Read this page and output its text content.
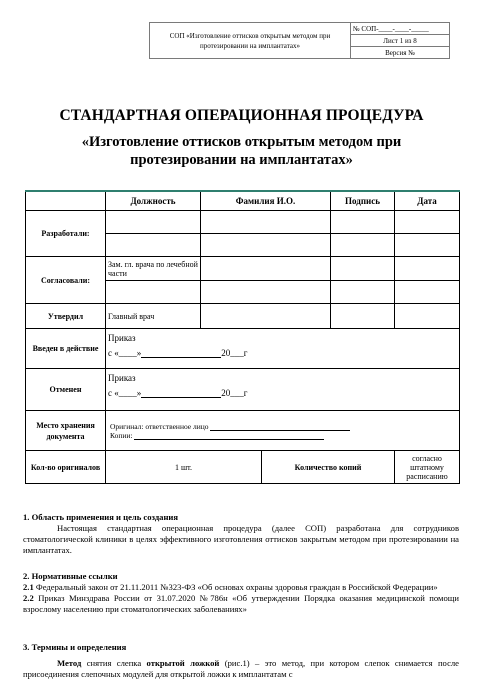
СОП «Изготовление оттисков открытым методом при протезировании на имплантатах»	№ СОП-____-____-_____
Лист 1 из 8
Версия №
СТАНДАРТНАЯ ОПЕРАЦИОННАЯ ПРОЦЕДУРА
«Изготовление оттисков открытым методом при протезировании на имплантатах»
	Должность	Фамилия И.О.		Подпись	Дата
Разработали:					

Согласовали:	Зам. гл. врача по лечебной части				

Утвердил	Главный врач				
Введен в действие	Приказ
с «____» 20___г				

Отменен	Приказ
с «____» 20___г				

Место хранения документа	Оригинал: ответственное лицо
Копии:				

Кол-во оригиналов	1 шт.		Количество копий		согласно штатному расписанию
1. Область применения и цель создания
Настоящая стандартная операционная процедура (далее СОП) разработана для сотрудников стоматологической клиники в целях эффективного изготовления оттисков закрытым методом при протезировании на имплантатах.
2. Нормативные ссылки
2.1 Федеральный закон от 21.11.2011 №323-ФЗ «Об основах охраны здоровья граждан в Российской Федерации»
2.2 Приказ Минздрава России от 31.07.2020 №786н «Об утверждении Порядка оказания медицинской помощи взрослому населению при стоматологических заболеваниях»
3. Термины и определения
Метод снятия слепка открытой ложкой (рис.1) – это метод, при котором слепок снимается после присоединения слепочных модулей для открытой ложки к имплантатам с
